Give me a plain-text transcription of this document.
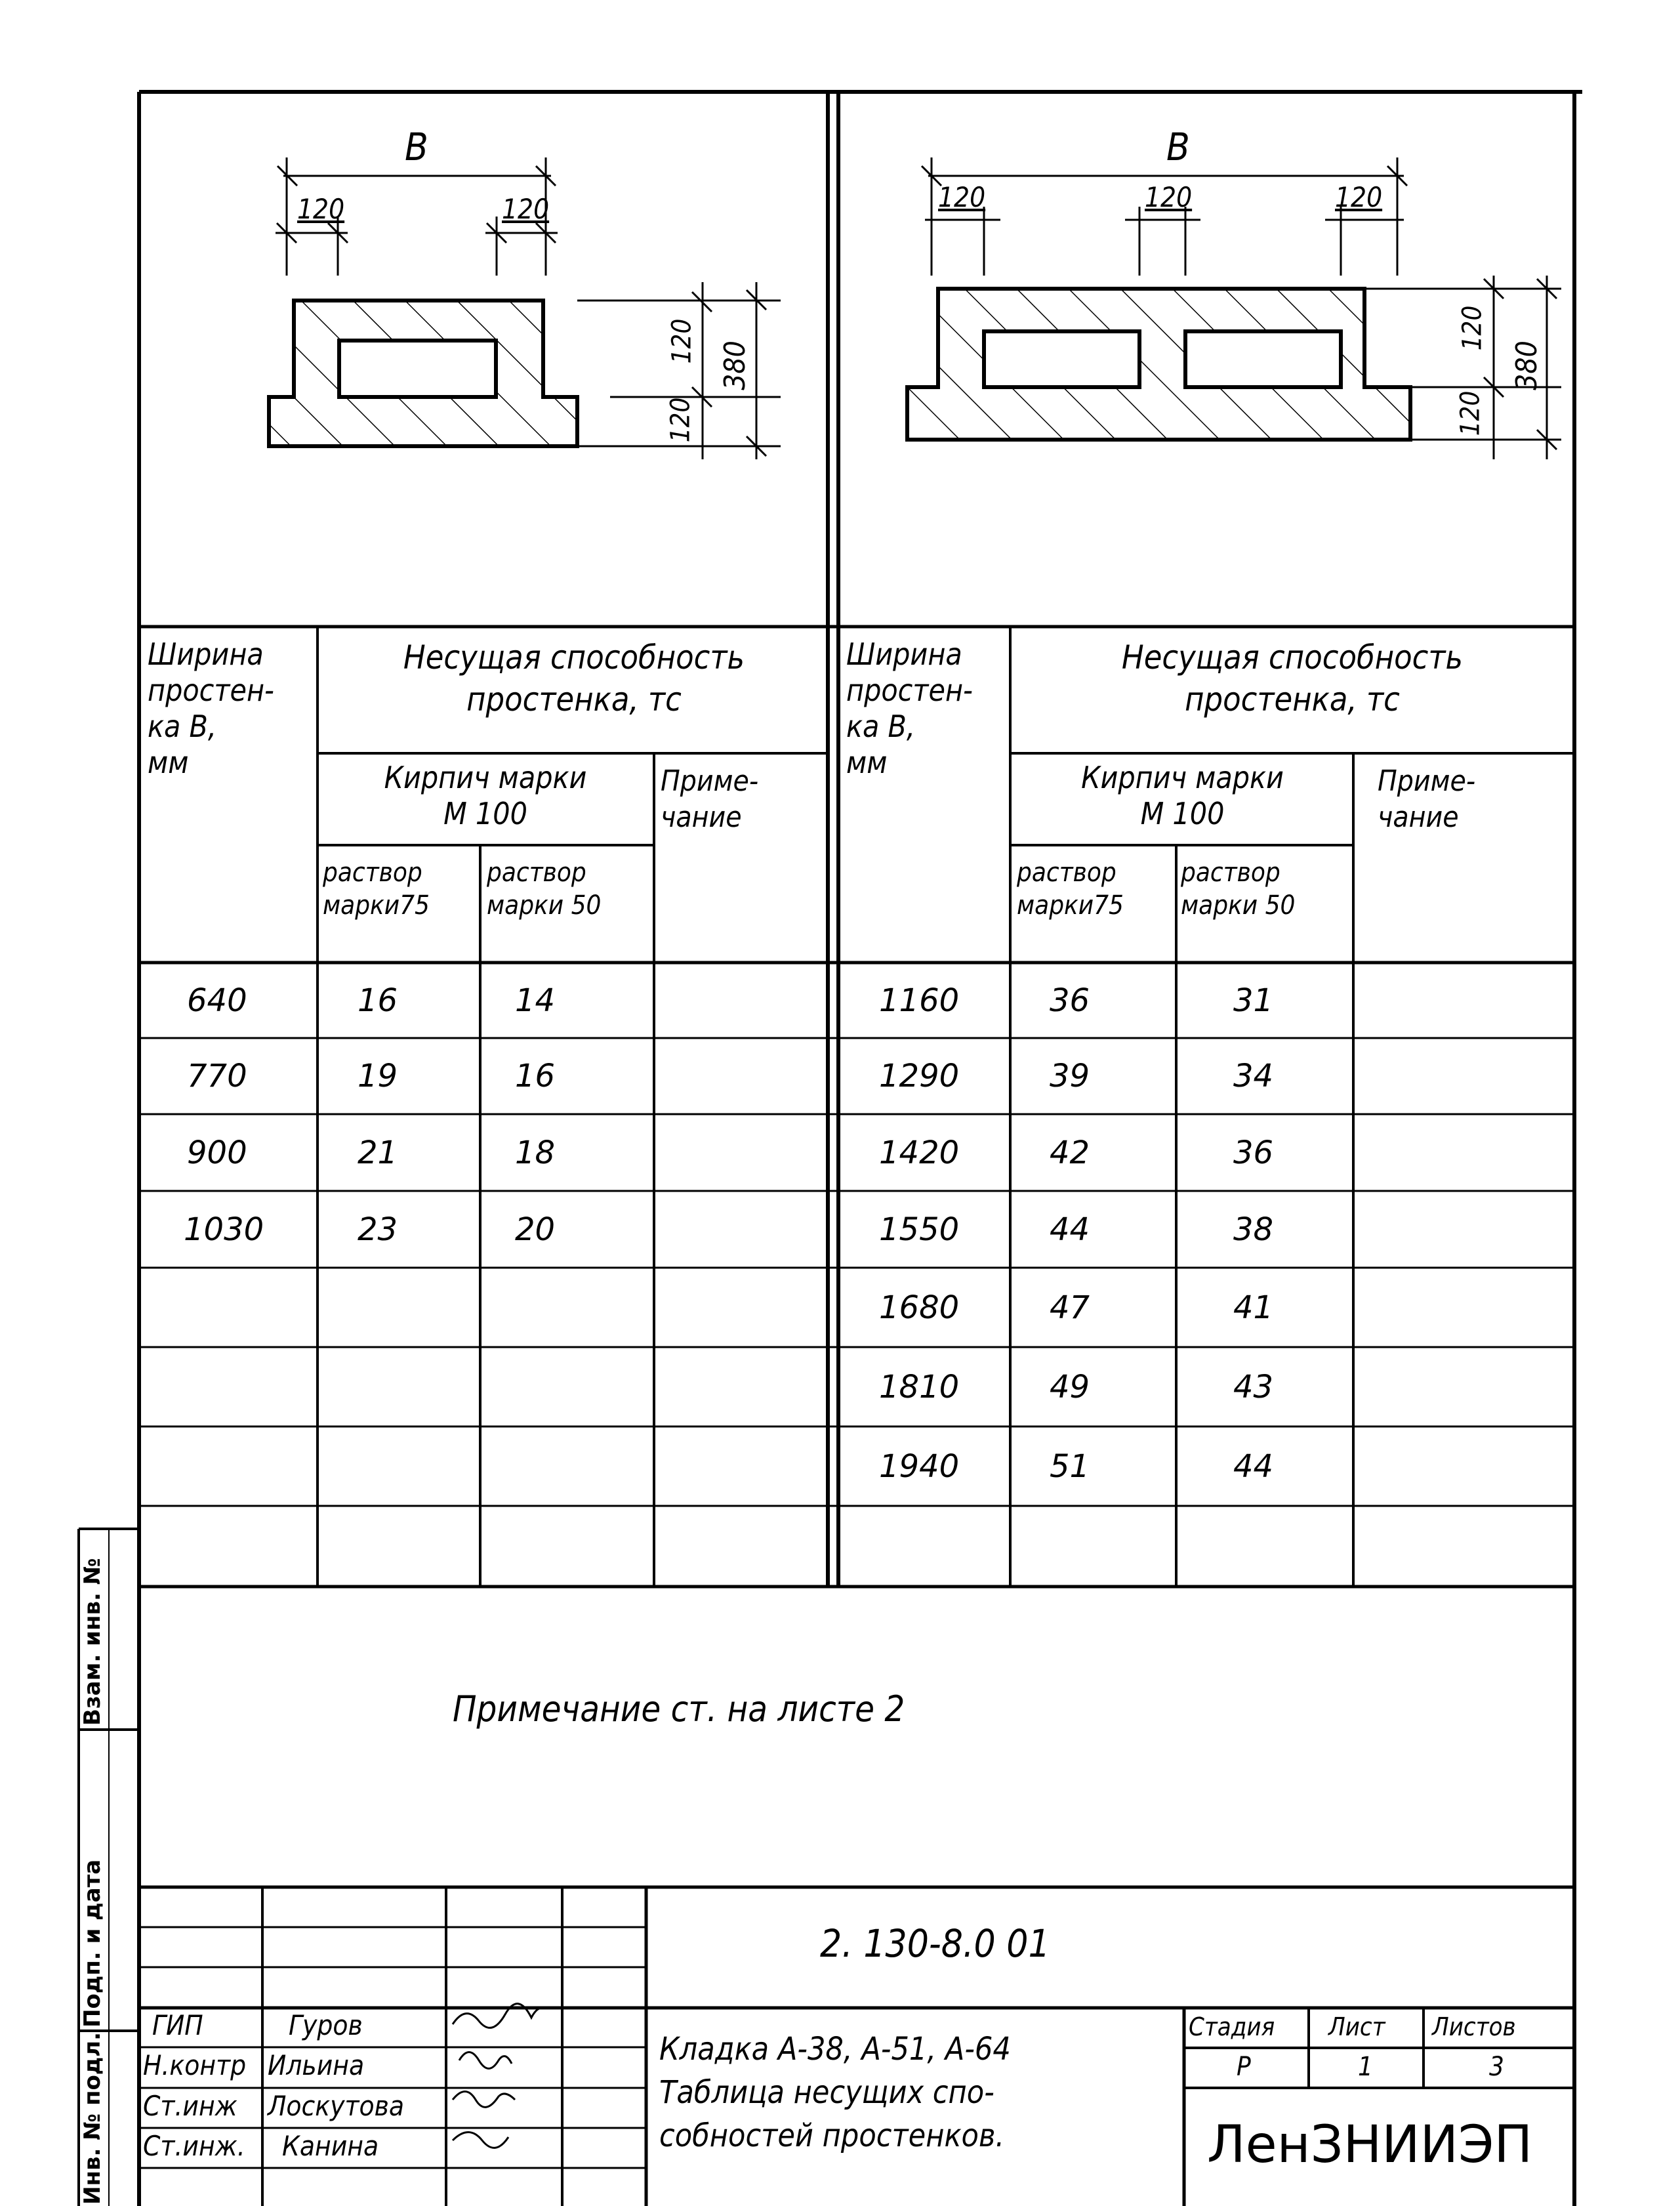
B
120	120
120
120
380
B
120	120	120
120
120
380
Ширина
простен-
ка B,
мм
Несущая способность
простенка, тс
Кирпич марки
М 100
Приме-
чание
раствор
марки75
раствор
марки 50
Ширина
простен-
ка B,
мм
Несущая способность
простенка, тс
Кирпич марки
М 100
Приме-
чание
раствор
марки75
раствор
марки 50
640	16	14
770	19	16
900	21	18
1030	23	20
1160	36	31
1290	39	34
1420	42	36
1550	44	38
1680	47	41
1810	49	43
1940	51	44
Примечание ст. на листе 2
Инв. № подл.
Подп. и дата
Взам. инв. №
2. 130-8.0 01
Кладка А-38, А-51, А-64
Таблица несущих спо-
собностей простенков.
ГИП	Гуров
Н.контр Ильина
Ст.инж Лоскутова
Ст.инж. Канина
Стадия Лист Листов
Р	1	3
ЛенЗНИИЭП
